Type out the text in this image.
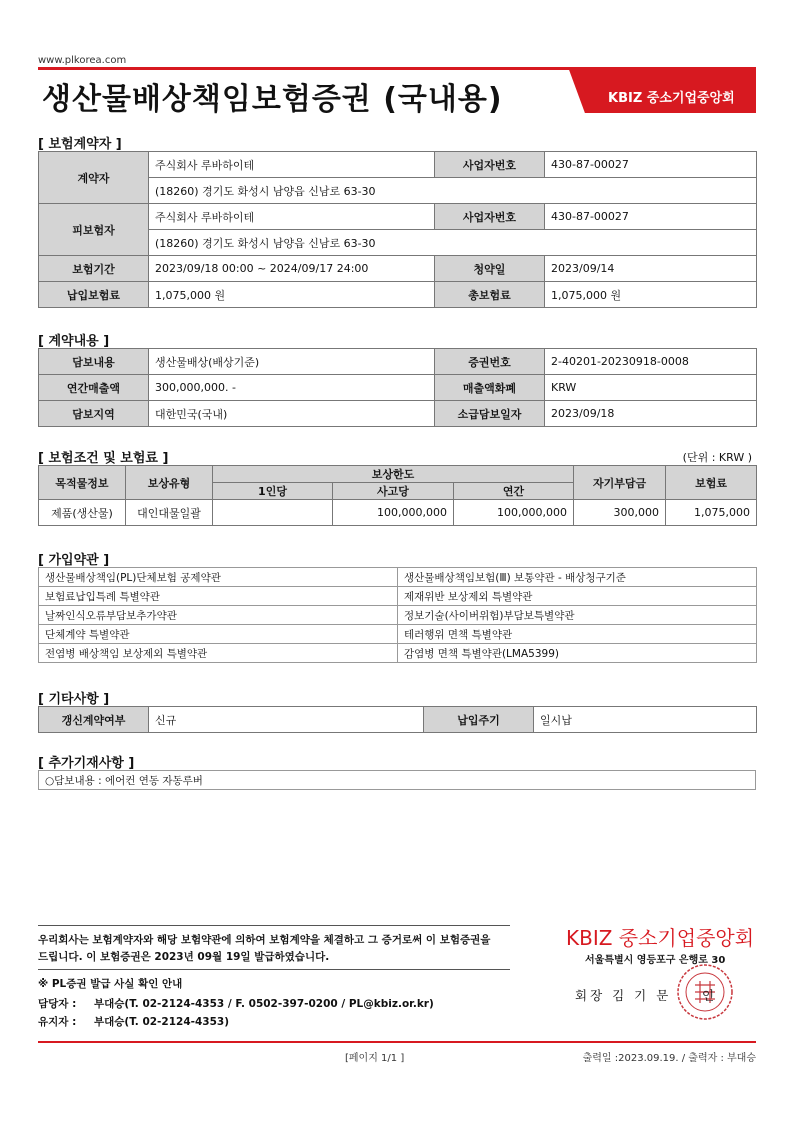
www.plkorea.com
KBIZ 중소기업중앙회
생산물배상책임보험증권 (국내용)
[ 보험계약자 ]
계약자	주식회사 루바하이테	사업자번호	430-87-00027
	(18260) 경기도 화성시 남양읍 신남로 63-30		
피보험자	주식회사 루바하이테	사업자번호	430-87-00027
	(18260) 경기도 화성시 남양읍 신남로 63-30		
보험기간	2023/09/18 00:00 ~ 2024/09/17 24:00	청약일	2023/09/14
납입보험료	1,075,000 원	총보험료	1,075,000 원
[ 계약내용 ]
담보내용	생산물배상(배상기준)	증권번호	2-40201-20230918-0008
연간매출액	300,000,000. -	매출액화폐	KRW
담보지역	대한민국(국내)	소급담보일자	2023/09/18
[ 보험조건 및 보험료 ]	(단위 : KRW )
목적물정보	보상유형	보상한도			자기부담금	보험료
		1인당	사고당	연간		
제품(생산물)	대인대물일괄		100,000,000	100,000,000	300,000	1,075,000
[ 가입약관 ]
생산물배상책임(PL)단체보험 공제약관	생산물배상책임보험(Ⅲ) 보통약관 - 배상청구기준
보험료납입특례 특별약관	제재위반 보상제외 특별약관
날짜인식오류부담보추가약관	정보기술(사이버위험)부담보특별약관
단체계약 특별약관	테러행위 면책 특별약관
전염병 배상책임 보상제외 특별약관	감염병 면책 특별약관(LMA5399)
[ 기타사항 ]
갱신계약여부	신규	납입주기	일시납
[ 추가기재사항 ]
○담보내용 : 에어컨 연동 자동루버
우리회사는 보험계약자와 해당 보험약관에 의하여 보험계약을 체결하고 그 증거로써 이 보험증권을
드립니다. 이 보험증권은 2023년 09월 19일 발급하였습니다.
※ PL증권 발급 사실 확인 안내
담당자 : 부대승(T. 02-2124-4353 / F. 0502-397-0200 / PL@kbiz.or.kr)
유지자 : 부대승(T. 02-2124-4353)
KBIZ 중소기업중앙회
서울특별시 영등포구 은행로 30
회장 김 기 문 인
[페이지 1/1 ]	출력일 :2023.09.19. / 출력자 : 부대승
